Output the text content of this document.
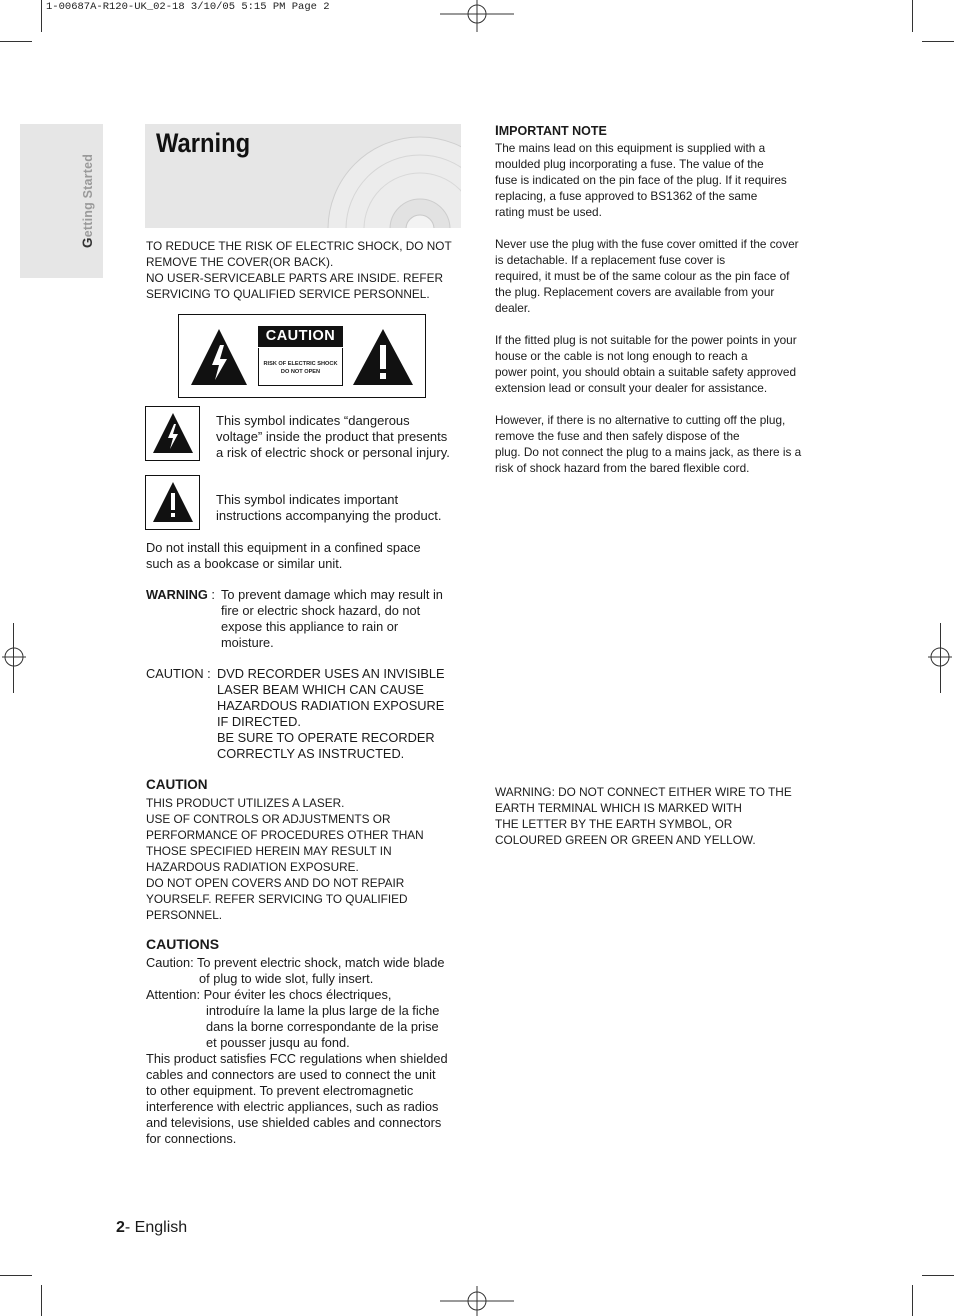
1-00687A-R120-UK_02-18 3/10/05 5:15 PM Page 2
Getting Started
Warning
TO REDUCE THE RISK OF ELECTRIC SHOCK, DO NOT
REMOVE THE COVER(OR BACK).
NO USER-SERVICEABLE PARTS ARE INSIDE. REFER
SERVICING TO QUALIFIED SERVICE PERSONNEL.
CAUTION
RISK OF ELECTRIC SHOCK
DO NOT OPEN
This symbol indicates “dangerous
voltage” inside the product that presents
a risk of electric shock or personal injury.
This symbol indicates important
instructions accompanying the product.
Do not install this equipment in a confined space
such as a bookcase or similar unit.
WARNING : To prevent damage which may result in
fire or electric shock hazard, do not
expose this appliance to rain or
moisture.
CAUTION : DVD RECORDER USES AN INVISIBLE
LASER BEAM WHICH CAN CAUSE
HAZARDOUS RADIATION EXPOSURE
IF DIRECTED.
BE SURE TO OPERATE RECORDER
CORRECTLY AS INSTRUCTED.
CAUTION
THIS PRODUCT UTILIZES A LASER.
USE OF CONTROLS OR ADJUSTMENTS OR
PERFORMANCE OF PROCEDURES OTHER THAN
THOSE SPECIFIED HEREIN MAY RESULT IN
HAZARDOUS RADIATION EXPOSURE.
DO NOT OPEN COVERS AND DO NOT REPAIR
YOURSELF. REFER SERVICING TO QUALIFIED
PERSONNEL.
CAUTIONS
Caution: To prevent electric shock, match wide blade
of plug to wide slot, fully insert.
Attention: Pour éviter les chocs électriques,
introduíre la lame la plus large de la fiche
dans la borne correspondante de la prise
et pousser jusqu au fond.
This product satisfies FCC regulations when shielded
cables and connectors are used to connect the unit
to other equipment. To prevent electromagnetic
interference with electric appliances, such as radios
and televisions, use shielded cables and connectors
for connections.
IMPORTANT NOTE
The mains lead on this equipment is supplied with a
moulded plug incorporating a fuse. The value of the
fuse is indicated on the pin face of the plug. If it requires
replacing, a fuse approved to BS1362 of the same
rating must be used.
Never use the plug with the fuse cover omitted if the cover
is detachable. If a replacement fuse cover is
required, it must be of the same colour as the pin face of
the plug. Replacement covers are available from your
dealer.
If the fitted plug is not suitable for the power points in your
house or the cable is not long enough to reach a
power point, you should obtain a suitable safety approved
extension lead or consult your dealer for assistance.
However, if there is no alternative to cutting off the plug,
remove the fuse and then safely dispose of the
plug. Do not connect the plug to a mains jack, as there is a
risk of shock hazard from the bared flexible cord.
WARNING: DO NOT CONNECT EITHER WIRE TO THE
EARTH TERMINAL WHICH IS MARKED WITH
THE LETTER BY THE EARTH SYMBOL, OR
COLOURED GREEN OR GREEN AND YELLOW.
2- English
